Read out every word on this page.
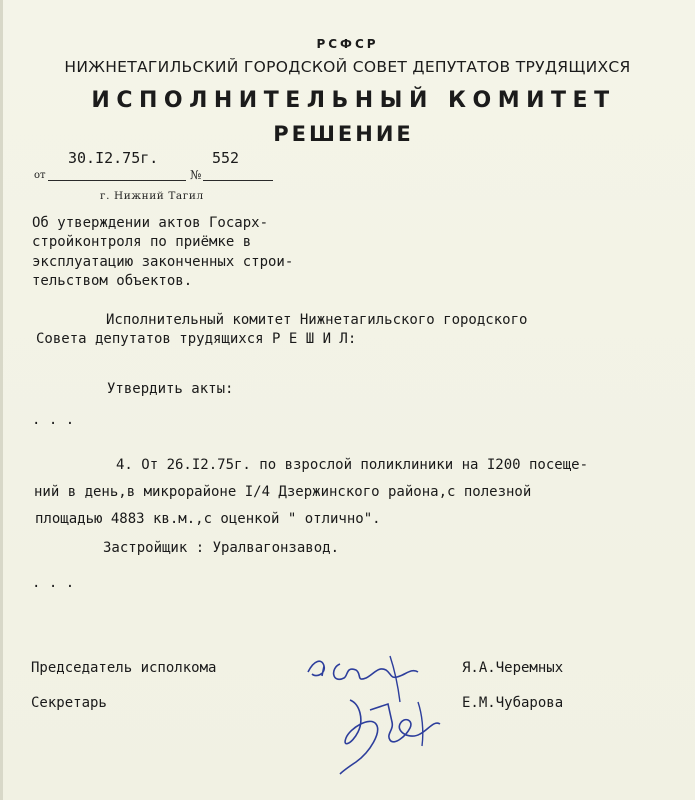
РСФСР
НИЖНЕТАГИЛЬСКИЙ ГОРОДСКОЙ СОВЕТ ДЕПУТАТОВ ТРУДЯЩИХСЯ
ИСПОЛНИТЕЛЬНЫЙ КОМИТЕТ
РЕШЕНИЕ
30.I2.75г.	552
от	№
г. Нижний Тагил
Об утверждении актов Госарх-
стройконтроля по приёмке в
эксплуатацию законченных строи-
тельством объектов.
Исполнительный комитет Нижнетагильского городского
Совета депутатов трудящихся Р Е Ш И Л:
Утвердить акты:
. . .
4. От 26.I2.75г. по взрослой поликлиники на I200 посеще-
ний в день,в микрорайоне I/4 Дзержинского района,с полезной
площадью 4883 кв.м.,с оценкой " отлично".
Застройщик : Уралвагонзавод.
. . .
Председатель исполкома	Я.А.Черемных
Секретарь	Е.М.Чубарова
